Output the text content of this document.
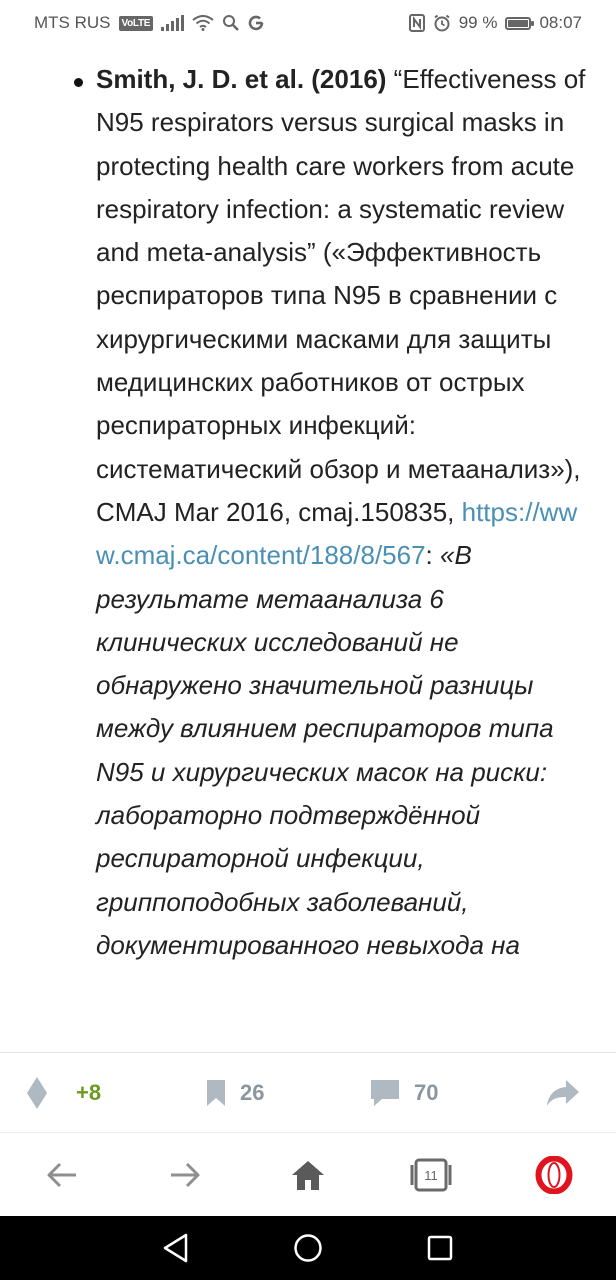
MTS RUS	VoLTE	99 % 08:07

Smith, J. D. et al. (2016) “Effectiveness of N95 respirators versus surgical masks in protecting health care workers from acute respiratory infection: a systematic review and meta-analysis” («Эффективность респираторов типа N95 в сравнении с хирургическими масками для защиты медицинских работников от острых респираторных инфекций: систематический обзор и метаанализ»), CMAJ Mar 2016, cmaj.150835, https://www.cmaj.ca/content/188/8/567: «В результате метаанализа 6 клинических исследований не обнаружено значительной разницы между влиянием респираторов типа N95 и хирургических масок на риски: лабораторно подтверждённой респираторной инфекции, гриппоподобных заболеваний, документированного невыхода на

+8	26	70
11
